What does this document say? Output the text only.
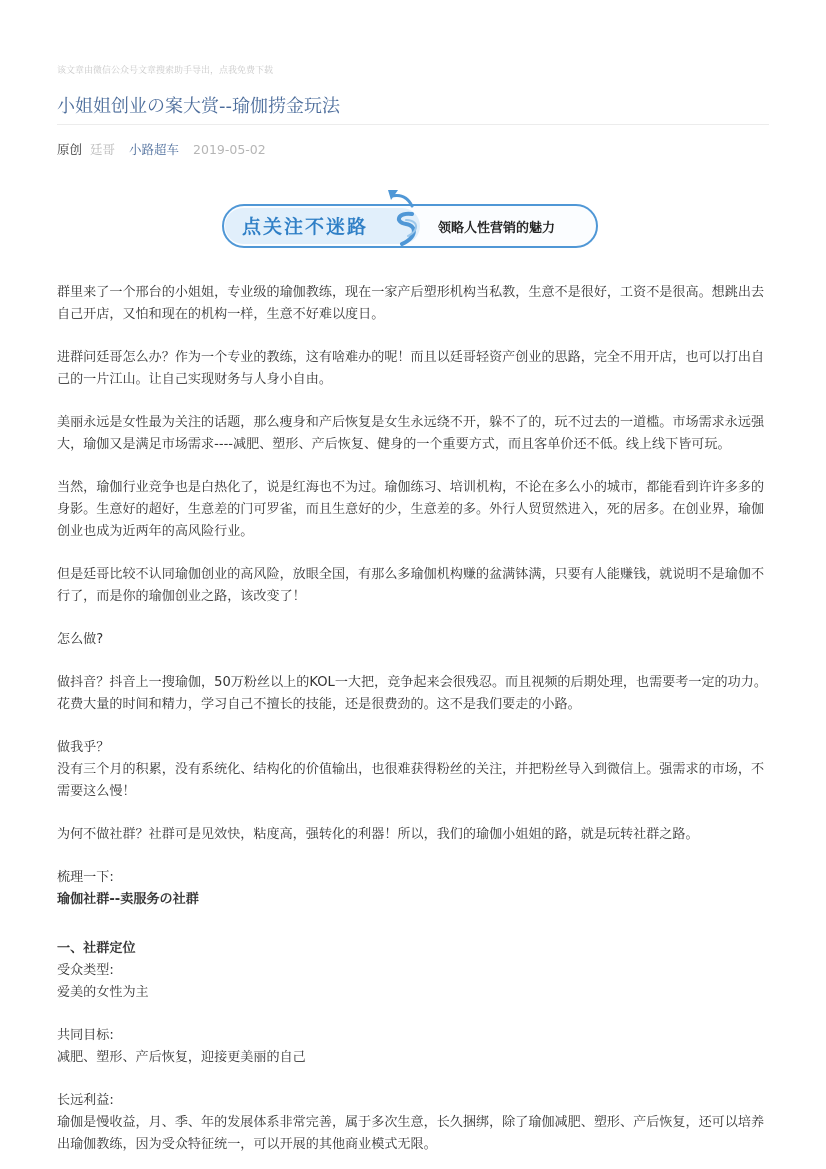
该文章由微信公众号文章搜索助手导出，点我免费下载
小姐姐创业の案大赏--瑜伽捞金玩法
原创 廷哥 小路超车 2019-05-02
点关注不迷路	领略人性营销的魅力

群里来了一个邢台的小姐姐，专业级的瑜伽教练，现在一家产后塑形机构当私教，生意不是很好，工资不是很高。想跳出去自己开店，又怕和现在的机构一样，生意不好难以度日。

进群问廷哥怎么办？作为一个专业的教练，这有啥难办的呢！而且以廷哥轻资产创业的思路，完全不用开店，也可以打出自己的一片江山。让自己实现财务与人身小自由。

美丽永远是女性最为关注的话题，那么瘦身和产后恢复是女生永远绕不开，躲不了的，玩不过去的一道槛。市场需求永远强大，瑜伽又是满足市场需求----减肥、塑形、产后恢复、健身的一个重要方式，而且客单价还不低。线上线下皆可玩。

当然，瑜伽行业竞争也是白热化了，说是红海也不为过。瑜伽练习、培训机构，不论在多么小的城市，都能看到许许多多的身影。生意好的超好，生意差的门可罗雀，而且生意好的少，生意差的多。外行人贸贸然进入，死的居多。在创业界，瑜伽创业也成为近两年的高风险行业。

但是廷哥比较不认同瑜伽创业的高风险，放眼全国，有那么多瑜伽机构赚的盆满钵满，只要有人能赚钱，就说明不是瑜伽不行了，而是你的瑜伽创业之路，该改变了！

怎么做?

做抖音？抖音上一搜瑜伽，50万粉丝以上的KOL一大把，竞争起来会很残忍。而且视频的后期处理，也需要考一定的功力。花费大量的时间和精力，学习自己不擅长的技能，还是很费劲的。这不是我们要走的小路。

做我乎？

没有三个月的积累，没有系统化、结构化的价值输出，也很难获得粉丝的关注，并把粉丝导入到微信上。强需求的市场，不需要这么慢！

为何不做社群？社群可是见效快，粘度高，强转化的利器！所以，我们的瑜伽小姐姐的路，就是玩转社群之路。

梳理一下:

瑜伽社群--卖服务の社群

一、社群定位

受众类型:

爱美的女性为主

共同目标:

减肥、塑形、产后恢复，迎接更美丽的自己

长远利益:

瑜伽是慢收益，月、季、年的发展体系非常完善，属于多次生意，长久捆绑，除了瑜伽减肥、塑形、产后恢复，还可以培养出瑜伽教练，因为受众特征统一，可以开展的其他商业模式无限。
